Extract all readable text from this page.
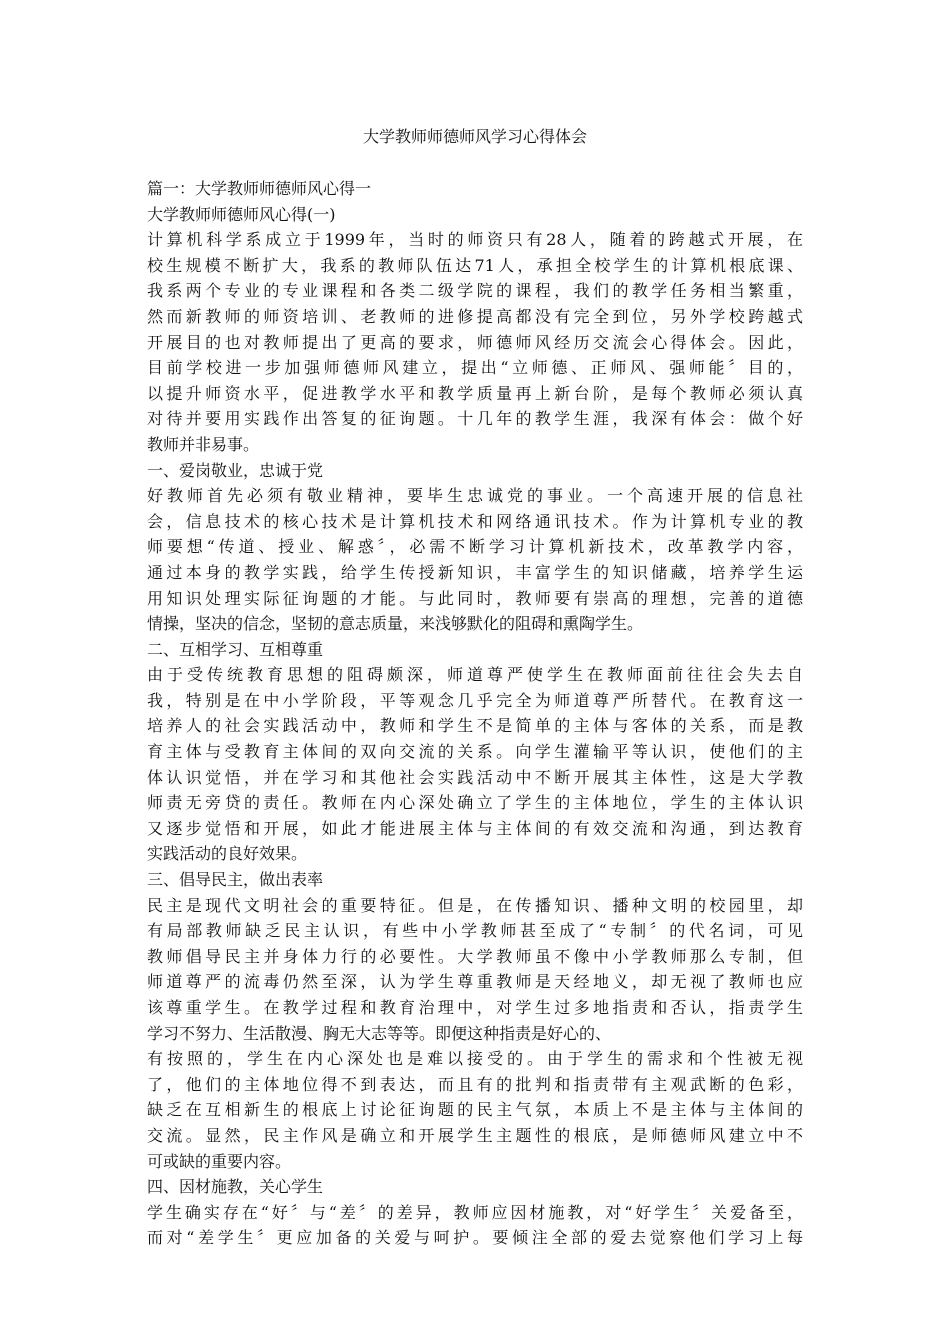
大学教师师德师风学习心得体会
篇一：大学教师师德师风心得一
大学教师师德师风心得(一)
计算机科学系成立于1999年，当时的师资只有28人，随着的跨越式开展，在
校生规模不断扩大，我系的教师队伍达71人，承担全校学生的计算机根底课、
我系两个专业的专业课程和各类二级学院的课程，我们的教学任务相当繁重，
然而新教师的师资培训、老教师的进修提高都没有完全到位，另外学校跨越式
开展目的也对教师提出了更高的要求，师德师风经历交流会心得体会。因此，
目前学校进一步加强师德师风建立，提出“立师德、正师风、强师能〞目的，
以提升师资水平，促进教学水平和教学质量再上新台阶，是每个教师必须认真
对待并要用实践作出答复的征询题。十几年的教学生涯，我深有体会：做个好
教师并非易事。
一、爱岗敬业，忠诚于党
好教师首先必须有敬业精神，要毕生忠诚党的事业。一个高速开展的信息社
会，信息技术的核心技术是计算机技术和网络通讯技术。作为计算机专业的教
师要想“传道、授业、解惑〞，必需不断学习计算机新技术，改革教学内容，
通过本身的教学实践，给学生传授新知识，丰富学生的知识储藏，培养学生运
用知识处理实际征询题的才能。与此同时，教师要有崇高的理想，完善的道德
情操，坚决的信念，坚韧的意志质量，来浅够默化的阻碍和熏陶学生。
二、互相学习、互相尊重
由于受传统教育思想的阻碍颇深，师道尊严使学生在教师面前往往会失去自
我，特别是在中小学阶段，平等观念几乎完全为师道尊严所替代。在教育这一
培养人的社会实践活动中，教师和学生不是简单的主体与客体的关系，而是教
育主体与受教育主体间的双向交流的关系。向学生灌输平等认识，使他们的主
体认识觉悟，并在学习和其他社会实践活动中不断开展其主体性，这是大学教
师责无旁贷的责任。教师在内心深处确立了学生的主体地位，学生的主体认识
又逐步觉悟和开展，如此才能进展主体与主体间的有效交流和沟通，到达教育
实践活动的良好效果。
三、倡导民主，做出表率
民主是现代文明社会的重要特征。但是，在传播知识、播种文明的校园里，却
有局部教师缺乏民主认识，有些中小学教师甚至成了“专制〞的代名词，可见
教师倡导民主并身体力行的必要性。大学教师虽不像中小学教师那么专制，但
师道尊严的流毒仍然至深，认为学生尊重教师是天经地义，却无视了教师也应
该尊重学生。在教学过程和教育治理中，对学生过多地指责和否认，指责学生
学习不努力、生活散漫、胸无大志等等。即便这种指责是好心的、
有按照的，学生在内心深处也是难以接受的。由于学生的需求和个性被无视
了，他们的主体地位得不到表达，而且有的批判和指责带有主观武断的色彩，
缺乏在互相新生的根底上讨论征询题的民主气氛，本质上不是主体与主体间的
交流。显然，民主作风是确立和开展学生主题性的根底，是师德师风建立中不
可或缺的重要内容。
四、因材施教，关心学生
学生确实存在“好〞与“差〞的差异，教师应因材施教，对“好学生〞关爱备至，
而对“差学生〞更应加备的关爱与呵护。要倾注全部的爱去觉察他们学习上每
